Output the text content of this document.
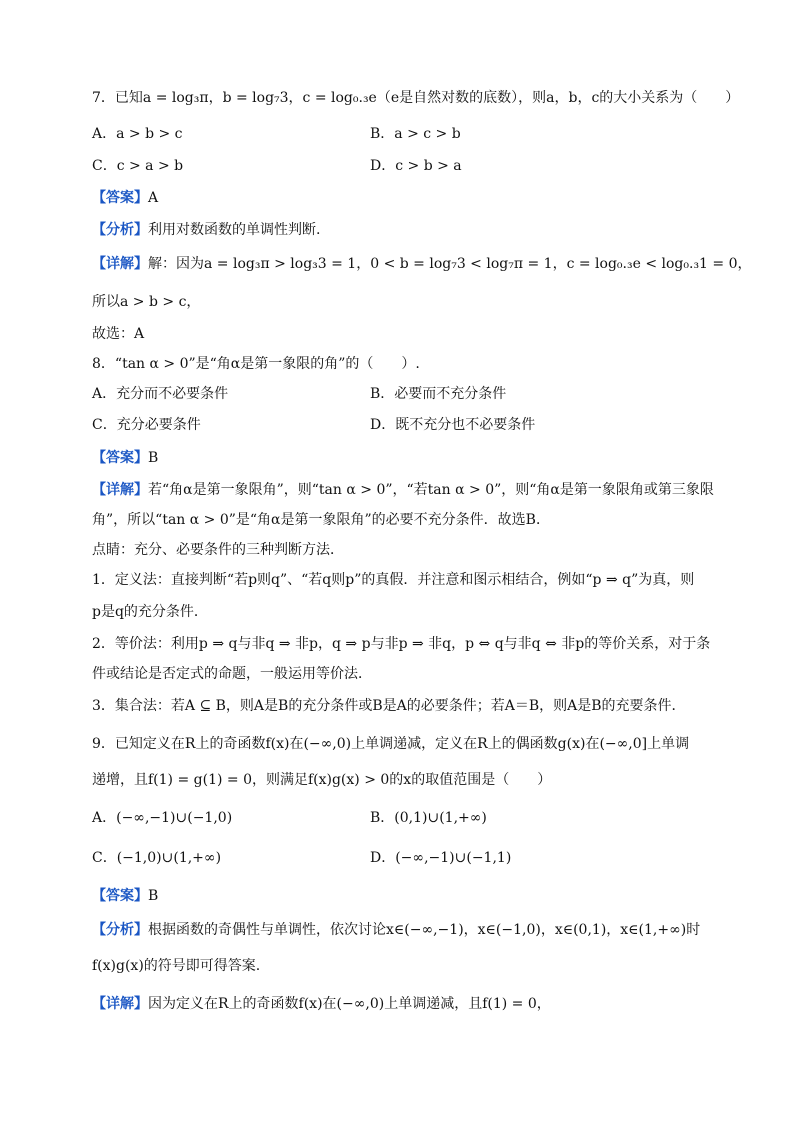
7．已知a = log₃π，b = log₇3，c = log₀.₃e（e是自然对数的底数），则a，b，c的大小关系为（　　）
A．a > b > c	B．a > c > b
C．c > a > b	D．c > b > a
【答案】A
【分析】利用对数函数的单调性判断.
【详解】解：因为a = log₃π > log₃3 = 1，0 < b = log₇3 < log₇π = 1，c = log₀.₃e < log₀.₃1 = 0，
所以a > b > c，
故选：A
8．“tan α > 0”是“角α是第一象限的角”的（　　）.
A．充分而不必要条件	B．必要而不充分条件
C．充分必要条件	D．既不充分也不必要条件
【答案】B
【详解】若“角α是第一象限角”，则“tan α > 0”，“若tan α > 0”，则“角α是第一象限角或第三象限
角”，所以“tan α > 0”是“角α是第一象限角”的必要不充分条件．故选B．
点睛：充分、必要条件的三种判断方法．
1．定义法：直接判断“若p则q”、“若q则p”的真假．并注意和图示相结合，例如“p ⇒ q”为真，则
p是q的充分条件．
2．等价法：利用p ⇒ q与非q ⇒ 非p，q ⇒ p与非p ⇒ 非q，p ⇔ q与非q ⇔ 非p的等价关系，对于条
件或结论是否定式的命题，一般运用等价法．
3．集合法：若A ⊆ B，则A是B的充分条件或B是A的必要条件；若A＝B，则A是B的充要条件．
9．已知定义在R上的奇函数f(x)在(−∞,0)上单调递减，定义在R上的偶函数g(x)在(−∞,0]上单调
递增，且f(1) = g(1) = 0，则满足f(x)g(x) > 0的x的取值范围是（　　）
A．(−∞,−1)∪(−1,0)	B．(0,1)∪(1,+∞)
C．(−1,0)∪(1,+∞)	D．(−∞,−1)∪(−1,1)
【答案】B
【分析】根据函数的奇偶性与单调性，依次讨论x∈(−∞,−1)，x∈(−1,0)，x∈(0,1)，x∈(1,+∞)时
f(x)g(x)的符号即可得答案.
【详解】因为定义在R上的奇函数f(x)在(−∞,0)上单调递减，且f(1) = 0，
